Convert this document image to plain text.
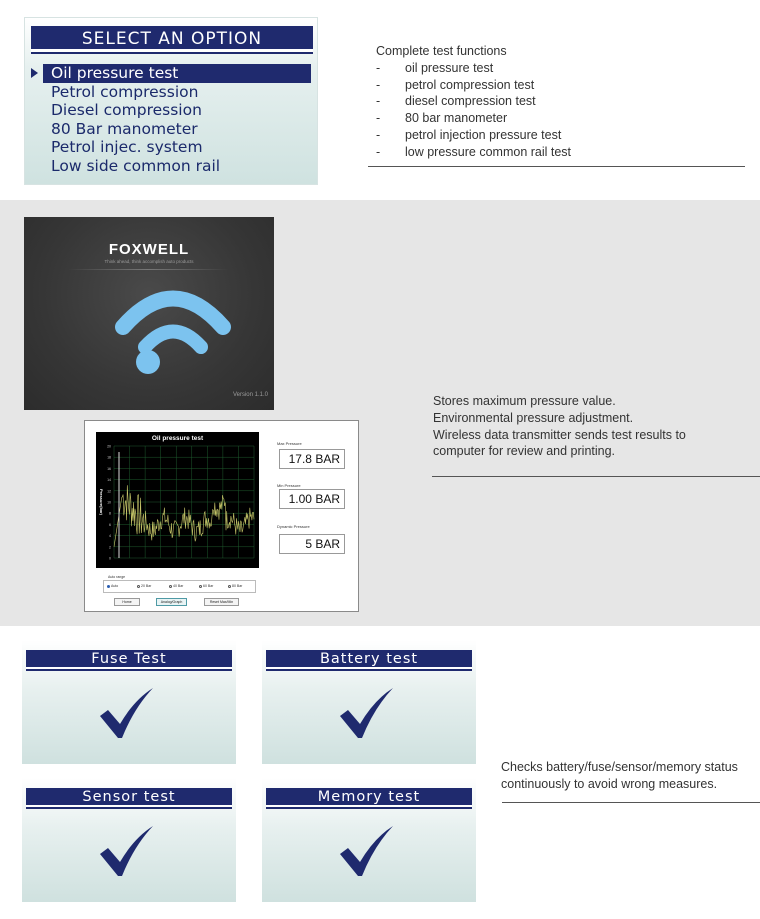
SELECT AN OPTION
Oil pressure test
Petrol compression
Diesel compression
80 Bar manometer
Petrol injec. system
Low side common rail
Complete test functions
- oil pressure test
- petrol compression test
- diesel compression test
- 80 bar manometer
- petrol injection pressure test
- low pressure common rail test
FOXWELL
Think ahead, think accomplish auto products
Version 1.1.0
20
18
16
14
12
10
8
6
4
2
0
Pressure(bar)
Oil pressure test
Max Pressure
17.8 BAR
Min Pressure
1.00 BAR
Dynamic Pressure
5 BAR
Auto range
Auto	20 Bar	40 Bar	60 Bar	80 Bar
Home	Analog/Graph	Reset Max/Min
Stores maximum pressure value.
Environmental pressure adjustment.
Wireless data transmitter sends test results to
computer for review and printing.
Fuse Test	Battery test
Sensor test	Memory test
Checks battery/fuse/sensor/memory status
continuously to avoid wrong measures.
